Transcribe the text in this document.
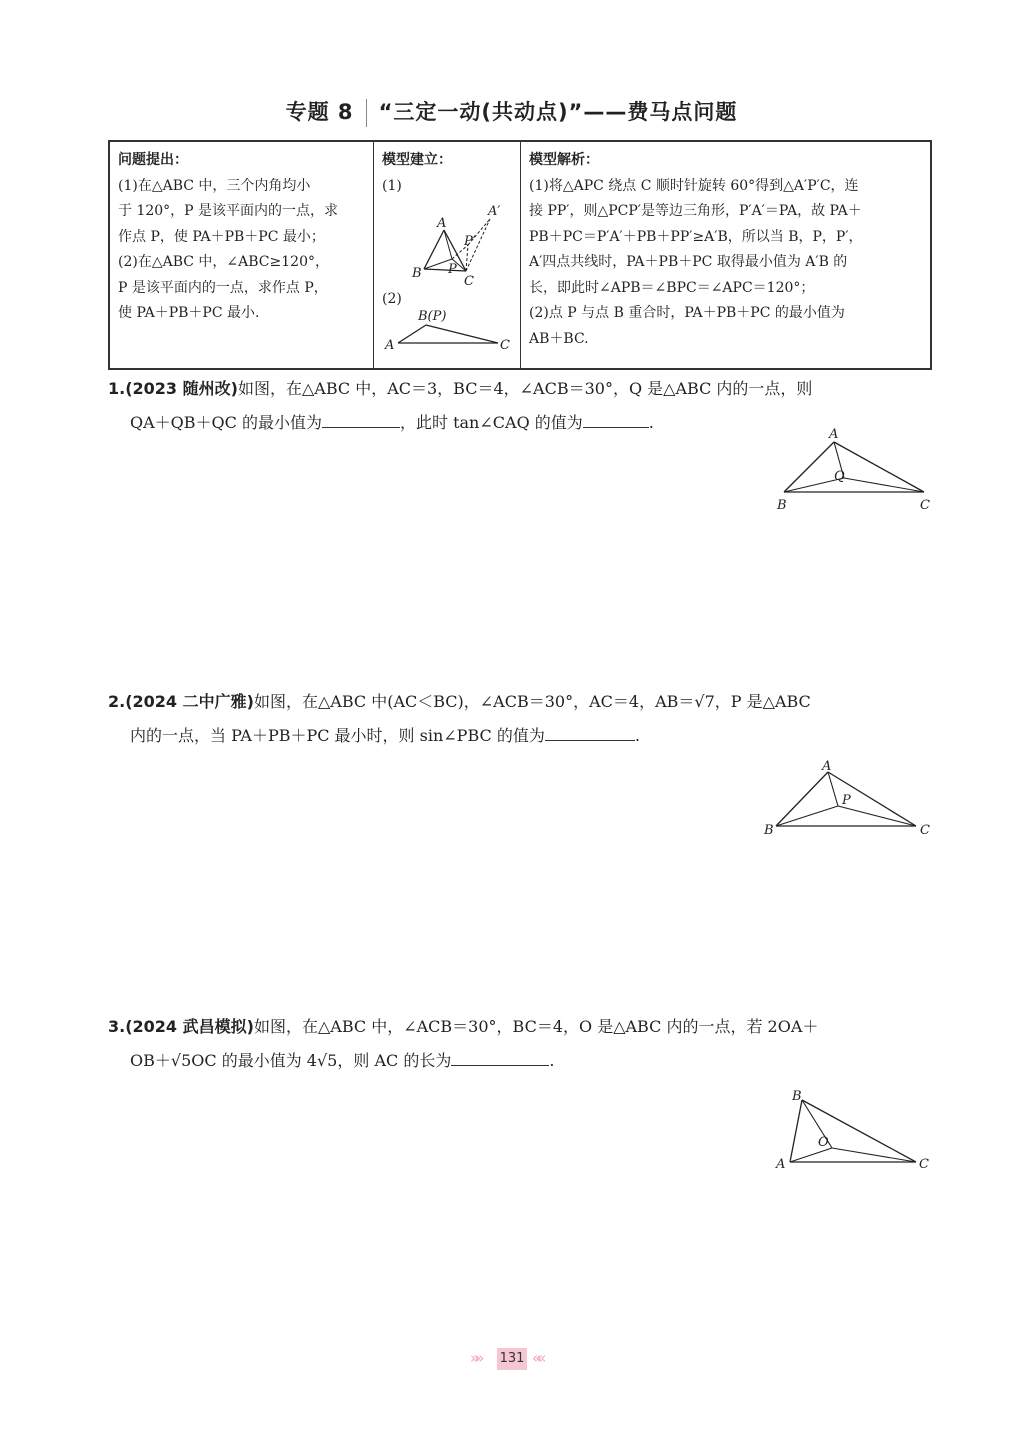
专题 8 “三定一动(共动点)”——费马点问题
问题提出：
(1)在△ABC 中，三个内角均小
于 120°，P 是该平面内的一点，求
作点 P，使 PA＋PB＋PC 最小；
(2)在△ABC 中，∠ABC≥120°，
P 是该平面内的一点，求作点 P，
使 PA＋PB＋PC 最小.

模型建立：
(1)
A
B
C
P
P′
A′
(2)
B(P)
A	C

模型解析：
(1)将△APC 绕点 C 顺时针旋转 60°得到△A′P′C，连
接 PP′，则△PCP′是等边三角形，P′A′＝PA，故 PA＋
PB＋PC＝P′A′＋PB＋PP′≥A′B，所以当 B，P，P′，
A′四点共线时，PA＋PB＋PC 取得最小值为 A′B 的
长，即此时∠APB＝∠BPC＝∠APC＝120°；
(2)点 P 与点 B 重合时，PA＋PB＋PC 的最小值为
AB＋BC.
1.(2023 随州改)如图，在△ABC 中，AC＝3，BC＝4，∠ACB＝30°，Q 是△ABC 内的一点，则
QA＋QB＋QC 的最小值为	，此时 tan∠CAQ 的值为	.
A
B	C
Q
2.(2024 二中广雅)如图，在△ABC 中(AC＜BC)，∠ACB＝30°，AC＝4，AB＝√7，P 是△ABC
内的一点，当 PA＋PB＋PC 最小时，则 sin∠PBC 的值为	.
A
B	C
P
3.(2024 武昌模拟)如图，在△ABC 中，∠ACB＝30°，BC＝4，O 是△ABC 内的一点，若 2OA＋
OB＋√5OC 的最小值为 4√5，则 AC 的长为	.
B
A	C
O
»» 131 ««
